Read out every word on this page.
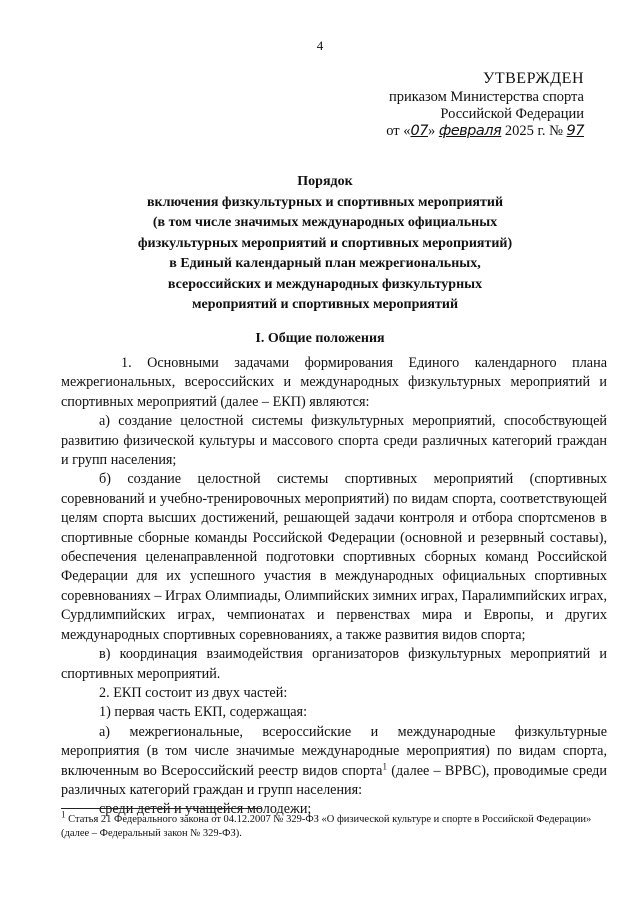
4
УТВЕРЖДЕН
приказом Министерства спорта
Российской Федерации
от «07» февраля 2025 г. № 97
Порядок
включения физкультурных и спортивных мероприятий
(в том числе значимых международных официальных
физкультурных мероприятий и спортивных мероприятий)
в Единый календарный план межрегиональных,
всероссийских и международных физкультурных
мероприятий и спортивных мероприятий
I. Общие положения

1. Основными задачами формирования Единого календарного плана межрегиональных, всероссийских и международных физкультурных мероприятий и спортивных мероприятий (далее – ЕКП) являются:

а) создание целостной системы физкультурных мероприятий, способствующей развитию физической культуры и массового спорта среди различных категорий граждан и групп населения;

б) создание целостной системы спортивных мероприятий (спортивных соревнований и учебно-тренировочных мероприятий) по видам спорта, соответствующей целям спорта высших достижений, решающей задачи контроля и отбора спортсменов в спортивные сборные команды Российской Федерации (основной и резервный составы), обеспечения целенаправленной подготовки спортивных сборных команд Российской Федерации для их успешного участия в международных официальных спортивных соревнованиях – Играх Олимпиады, Олимпийских зимних играх, Паралимпийских играх, Сурдлимпийских играх, чемпионатах и первенствах мира и Европы, и других международных спортивных соревнованиях, а также развития видов спорта;

в) координация взаимодействия организаторов физкультурных мероприятий и спортивных мероприятий.

2. ЕКП состоит из двух частей:

1) первая часть ЕКП, содержащая:

а) межрегиональные, всероссийские и международные физкультурные мероприятия (в том числе значимые международные мероприятия) по видам спорта, включенным во Всероссийский реестр видов спорта$^1$ (далее – ВРВС), проводимые среди различных категорий граждан и групп населения:

среди детей и учащейся молодежи;

$^1$ Статья 21 Федерального закона от 04.12.2007 № 329-ФЗ «О физической культуре и спорте в Российской Федерации» (далее – Федеральный закон № 329-ФЗ).
